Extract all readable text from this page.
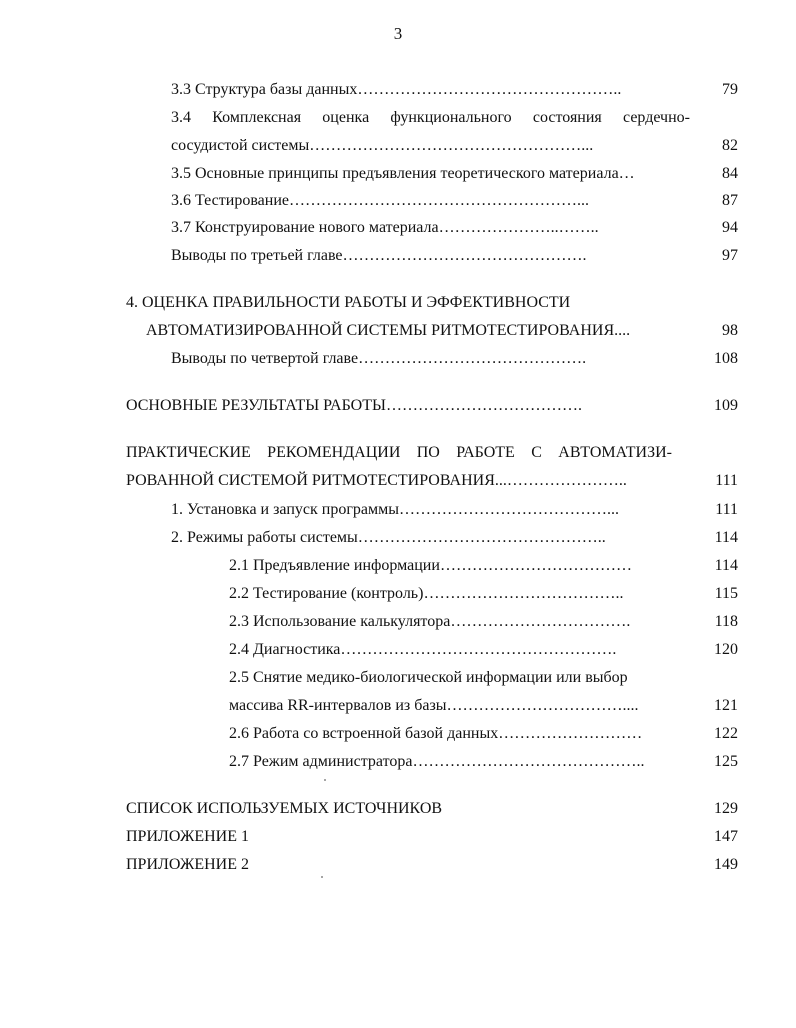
3
3.3 Структура базы данных…………………………………………..	79
3.4 Комплексная оценка функционального состояния сердечно-
сосудистой системы……………………………………………...	82
3.5 Основные принципы предъявления теоретического материала…	84
3.6 Тестирование………………………………………………...	87
3.7 Конструирование нового материала…………………..……..	94
Выводы по третьей главе……………………………………….	97
4. ОЦЕНКА ПРАВИЛЬНОСТИ РАБОТЫ И ЭФФЕКТИВНОСТИ
АВТОМАТИЗИРОВАННОЙ СИСТЕМЫ РИТМОТЕСТИРОВАНИЯ....	98
Выводы по четвертой главе…………………………………….	108
ОСНОВНЫЕ РЕЗУЛЬТАТЫ РАБОТЫ……………………………….	109
ПРАКТИЧЕСКИЕ РЕКОМЕНДАЦИИ ПО РАБОТЕ С АВТОМАТИЗИ-
РОВАННОЙ СИСТЕМОЙ РИТМОТЕСТИРОВАНИЯ...…………………..	111
1. Установка и запуск программы…………………………………...	111
2. Режимы работы системы………………………………………..	114
2.1 Предъявление информации………………………………	114
2.2 Тестирование (контроль)………………………………..	115
2.3 Использование калькулятора…………………………….	118
2.4 Диагностика…………………………………………….	120
2.5 Снятие медико-биологической информации или выбор
массива RR-интервалов из базы……………………………....	121
2.6 Работа со встроенной базой данных………………………	122
2.7 Режим администратора……………………………………..	125
СПИСОК ИСПОЛЬЗУЕМЫХ ИСТОЧНИКОВ	129
ПРИЛОЖЕНИЕ 1	147
ПРИЛОЖЕНИЕ 2	149
